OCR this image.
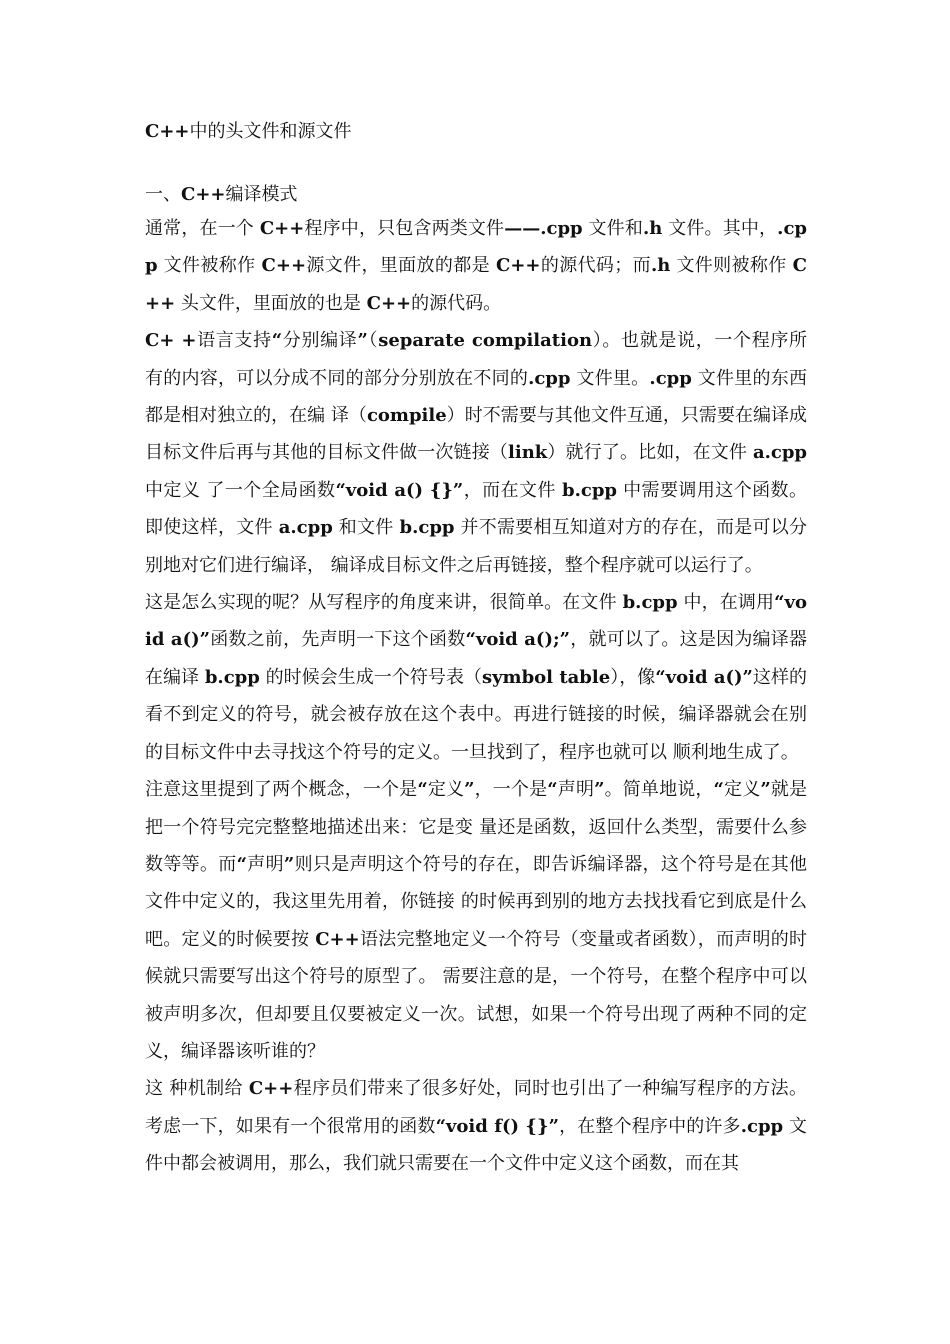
C++中的头文件和源文件
一、C++编译模式

通常，在一个 C++程序中，只包含两类文件——.cpp 文件和.h 文件。其中，.cpp 文件被称作 C++源文件，里面放的都是 C++的源代码；而.h 文件则被称作 C++ 头文件，里面放的也是 C++的源代码。

C+ +语言支持“分别编译”（separate compilation）。也就是说，一个程序所有的内容，可以分成不同的部分分别放在不同的.cpp 文件里。.cpp 文件里的东西都是相对独立的，在编 译（compile）时不需要与其他文件互通，只需要在编译成目标文件后再与其他的目标文件做一次链接（link）就行了。比如，在文件 a.cpp 中定义 了一个全局函数“void a() {}”，而在文件 b.cpp 中需要调用这个函数。即使这样，文件 a.cpp 和文件 b.cpp 并不需要相互知道对方的存在，而是可以分别地对它们进行编译， 编译成目标文件之后再链接，整个程序就可以运行了。

这是怎么实现的呢？从写程序的角度来讲，很简单。在文件 b.cpp 中，在调用“void a()”函数之前，先声明一下这个函数“void a();”，就可以了。这是因为编译器在编译 b.cpp 的时候会生成一个符号表（symbol table），像“void a()”这样的看不到定义的符号，就会被存放在这个表中。再进行链接的时候，编译器就会在别的目标文件中去寻找这个符号的定义。一旦找到了，程序也就可以 顺利地生成了。

注意这里提到了两个概念，一个是“定义”，一个是“声明”。简单地说，“定义”就是把一个符号完完整整地描述出来：它是变 量还是函数，返回什么类型，需要什么参数等等。而“声明”则只是声明这个符号的存在，即告诉编译器，这个符号是在其他文件中定义的，我这里先用着，你链接 的时候再到别的地方去找找看它到底是什么吧。定义的时候要按 C++语法完整地定义一个符号（变量或者函数），而声明的时候就只需要写出这个符号的原型了。 需要注意的是，一个符号，在整个程序中可以被声明多次，但却要且仅要被定义一次。试想，如果一个符号出现了两种不同的定义，编译器该听谁的？

这 种机制给 C++程序员们带来了很多好处，同时也引出了一种编写程序的方法。考虑一下，如果有一个很常用的函数“void f() {}”，在整个程序中的许多.cpp 文件中都会被调用，那么，我们就只需要在一个文件中定义这个函数，而在其
